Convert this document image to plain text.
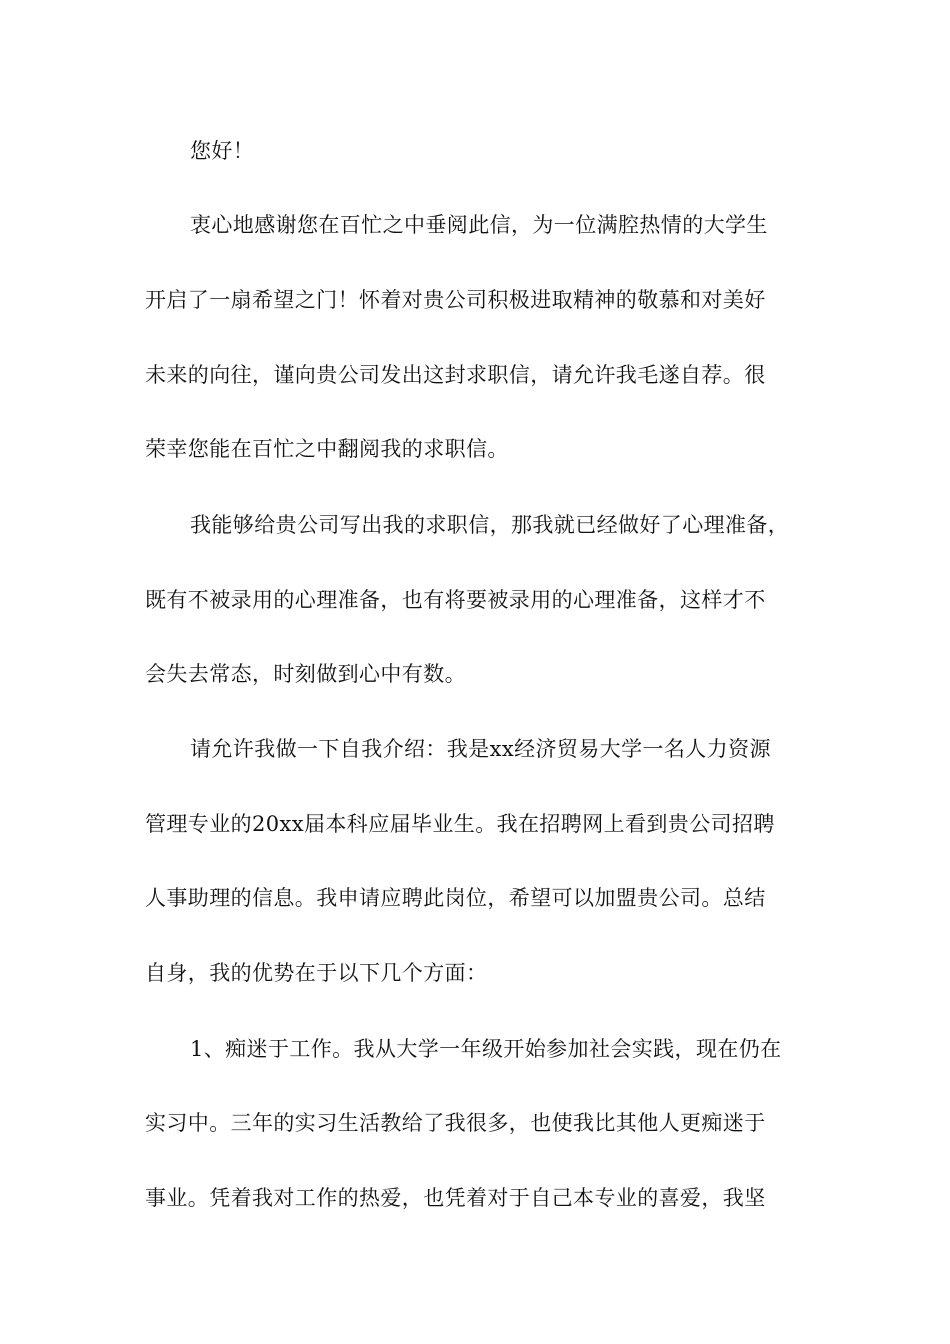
您好！
衷心地感谢您在百忙之中垂阅此信，为一位满腔热情的大学生
开启了一扇希望之门！怀着对贵公司积极进取精神的敬慕和对美好
未来的向往，谨向贵公司发出这封求职信，请允许我毛遂自荐。很
荣幸您能在百忙之中翻阅我的求职信。
我能够给贵公司写出我的求职信，那我就已经做好了心理准备，
既有不被录用的心理准备，也有将要被录用的心理准备，这样才不
会失去常态，时刻做到心中有数。
请允许我做一下自我介绍：我是xx经济贸易大学一名人力资源
管理专业的20xx届本科应届毕业生。我在招聘网上看到贵公司招聘
人事助理的信息。我申请应聘此岗位，希望可以加盟贵公司。总结
自身，我的优势在于以下几个方面：
1、痴迷于工作。我从大学一年级开始参加社会实践，现在仍在
实习中。三年的实习生活教给了我很多，也使我比其他人更痴迷于
事业。凭着我对工作的热爱，也凭着对于自己本专业的喜爱，我坚
